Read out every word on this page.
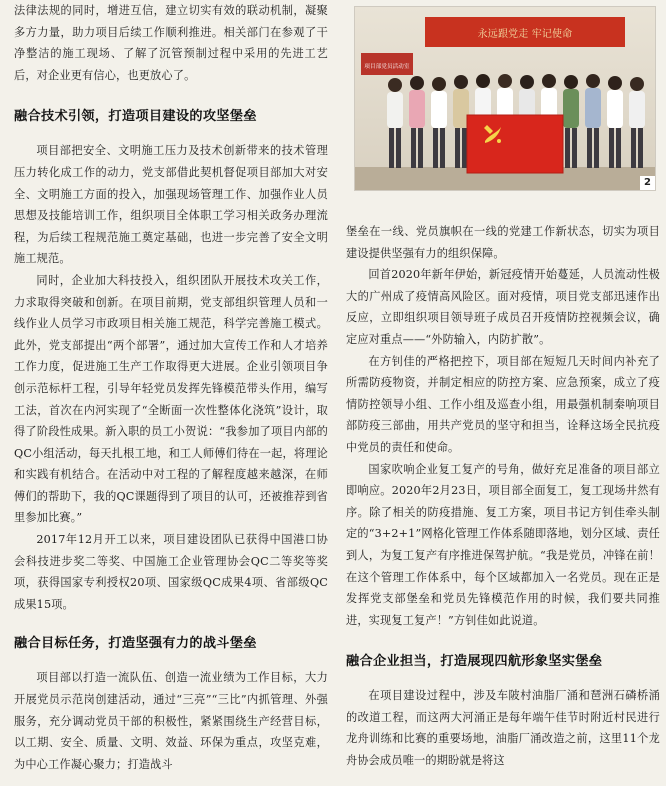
法律法规的同时，增进互信，建立切实有效的联动机制，凝聚多方力量，助力项目后续工作顺利推进。相关部门在参观了干净整洁的施工现场、了解了沉管预制过程中采用的先进工艺后，对企业更有信心，也更放心了。

融合技术引领，打造项目建设的攻坚堡垒

项目部把安全、文明施工压力及技术创新带来的技术管理压力转化成工作的动力，党支部借此契机督促项目部加大对安全、文明施工方面的投入，加强现场管理工作、加强作业人员思想及技能培训工作，组织项目全体职工学习相关政务办理流程，为后续工程规范施工奠定基础，也进一步完善了安全文明施工规范。

同时，企业加大科技投入，组织团队开展技术攻关工作，力求取得突破和创新。在项目前期，党支部组织管理人员和一线作业人员学习市政项目相关施工规范，科学完善施工模式。此外，党支部提出“两个部署”，通过加大宣传工作和人才培养工作力度，促进施工生产工作取得更大进展。企业引领项目争创示范标杆工程，引导年轻党员发挥先锋模范带头作用，编写工法，首次在内河实现了“全断面一次性整体化浇筑”设计，取得了阶段性成果。新入职的员工小贺说：“我参加了项目内部的QC小组活动，每天扎根工地，和工人师傅们待在一起，将理论和实践有机结合。在活动中对工程的了解程度越来越深，在师傅们的帮助下，我的QC课题得到了项目的认可，还被推荐到省里参加比赛。”

2017年12月开工以来，项目建设团队已获得中国港口协会科技进步奖二等奖、中国施工企业管理协会QC二等奖等奖项，获得国家专利授权20项、国家级QC成果4项、省部级QC成果15项。

融合目标任务，打造坚强有力的战斗堡垒

项目部以打造一流队伍、创造一流业绩为工作目标，大力开展党员示范岗创建活动，通过“三亮”“三比”内抓管理、外强服务，充分调动党员干部的积极性，紧紧围绕生产经营目标，以工期、安全、质量、文明、效益、环保为重点，攻坚克难，为中心工作凝心聚力；打造战斗

永远跟党走 牢记使命
项目部党员活动室
2

堡垒在一线、党员旗帜在一线的党建工作新状态，切实为项目建设提供坚强有力的组织保障。

回首2020年新年伊始，新冠疫情开始蔓延，人员流动性极大的广州成了疫情高风险区。面对疫情，项目党支部迅速作出反应，立即组织项目领导班子成员召开疫情防控视频会议，确定应对重点——“外防输入，内防扩散”。

在方钊佳的严格把控下，项目部在短短几天时间内补充了所需防疫物资，并制定相应的防控方案、应急预案，成立了疫情防控领导小组、工作小组及巡查小组，用最强机制秦响项目部防疫三部曲，用共产党员的坚守和担当，诠释这场全民抗疫中党员的责任和使命。

国家吹响企业复工复产的号角，做好充足准备的项目部立即响应。2020年2月23日，项目部全面复工，复工现场井然有序。除了相关的防疫措施、复工方案，项目书记方钊佳牵头制定的“3+2+1”网格化管理工作体系随即落地，划分区域、责任到人，为复工复产有序推进保驾护航。“我是党员，冲锋在前！在这个管理工作体系中，每个区域都加入一名党员。现在正是发挥党支部堡垒和党员先锋模范作用的时候，我们要共同推进，实现复工复产！”方钊佳如此说道。

融合企业担当，打造展现四航形象坚实堡垒

在项目建设过程中，涉及车陂村油脂厂涌和琶洲石磷桥涌的改道工程，而这两大河涌正是每年端午佳节时附近村民进行龙舟训练和比赛的重要场地，油脂厂涌改造之前，这里11个龙舟协会成员唯一的期盼就是将这
